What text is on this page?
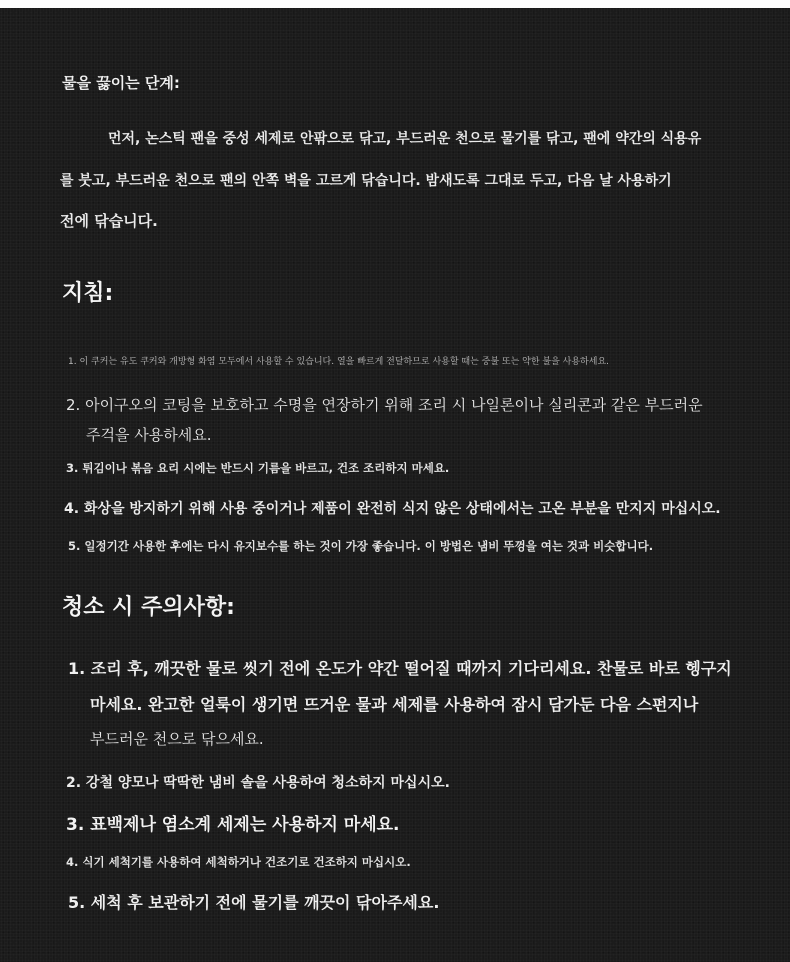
물을 끓이는 단계:

먼저, 논스틱 팬을 중성 세제로 안팎으로 닦고, 부드러운 천으로 물기를 닦고, 팬에 약간의 식용유

를 붓고, 부드러운 천으로 팬의 안쪽 벽을 고르게 닦습니다. 밤새도록 그대로 두고, 다음 날 사용하기

전에 닦습니다.

지침:

1. 이 쿠커는 유도 쿠커와 개방형 화염 모두에서 사용할 수 있습니다. 열을 빠르게 전달하므로 사용할 때는 중불 또는 약한 불을 사용하세요.

2. 아이구오의 코팅을 보호하고 수명을 연장하기 위해 조리 시 나일론이나 실리콘과 같은 부드러운

주걱을 사용하세요.

3. 튀김이나 볶음 요리 시에는 반드시 기름을 바르고, 건조 조리하지 마세요.

4. 화상을 방지하기 위해 사용 중이거나 제품이 완전히 식지 않은 상태에서는 고온 부분을 만지지 마십시오.

5. 일정기간 사용한 후에는 다시 유지보수를 하는 것이 가장 좋습니다. 이 방법은 냄비 뚜껑을 여는 것과 비슷합니다.

청소 시 주의사항:

1. 조리 후, 깨끗한 물로 씻기 전에 온도가 약간 떨어질 때까지 기다리세요. 찬물로 바로 헹구지

마세요. 완고한 얼룩이 생기면 뜨거운 물과 세제를 사용하여 잠시 담가둔 다음 스펀지나

부드러운 천으로 닦으세요.

2. 강철 양모나 딱딱한 냄비 솔을 사용하여 청소하지 마십시오.

3. 표백제나 염소계 세제는 사용하지 마세요.

4. 식기 세척기를 사용하여 세척하거나 건조기로 건조하지 마십시오.

5. 세척 후 보관하기 전에 물기를 깨끗이 닦아주세요.
